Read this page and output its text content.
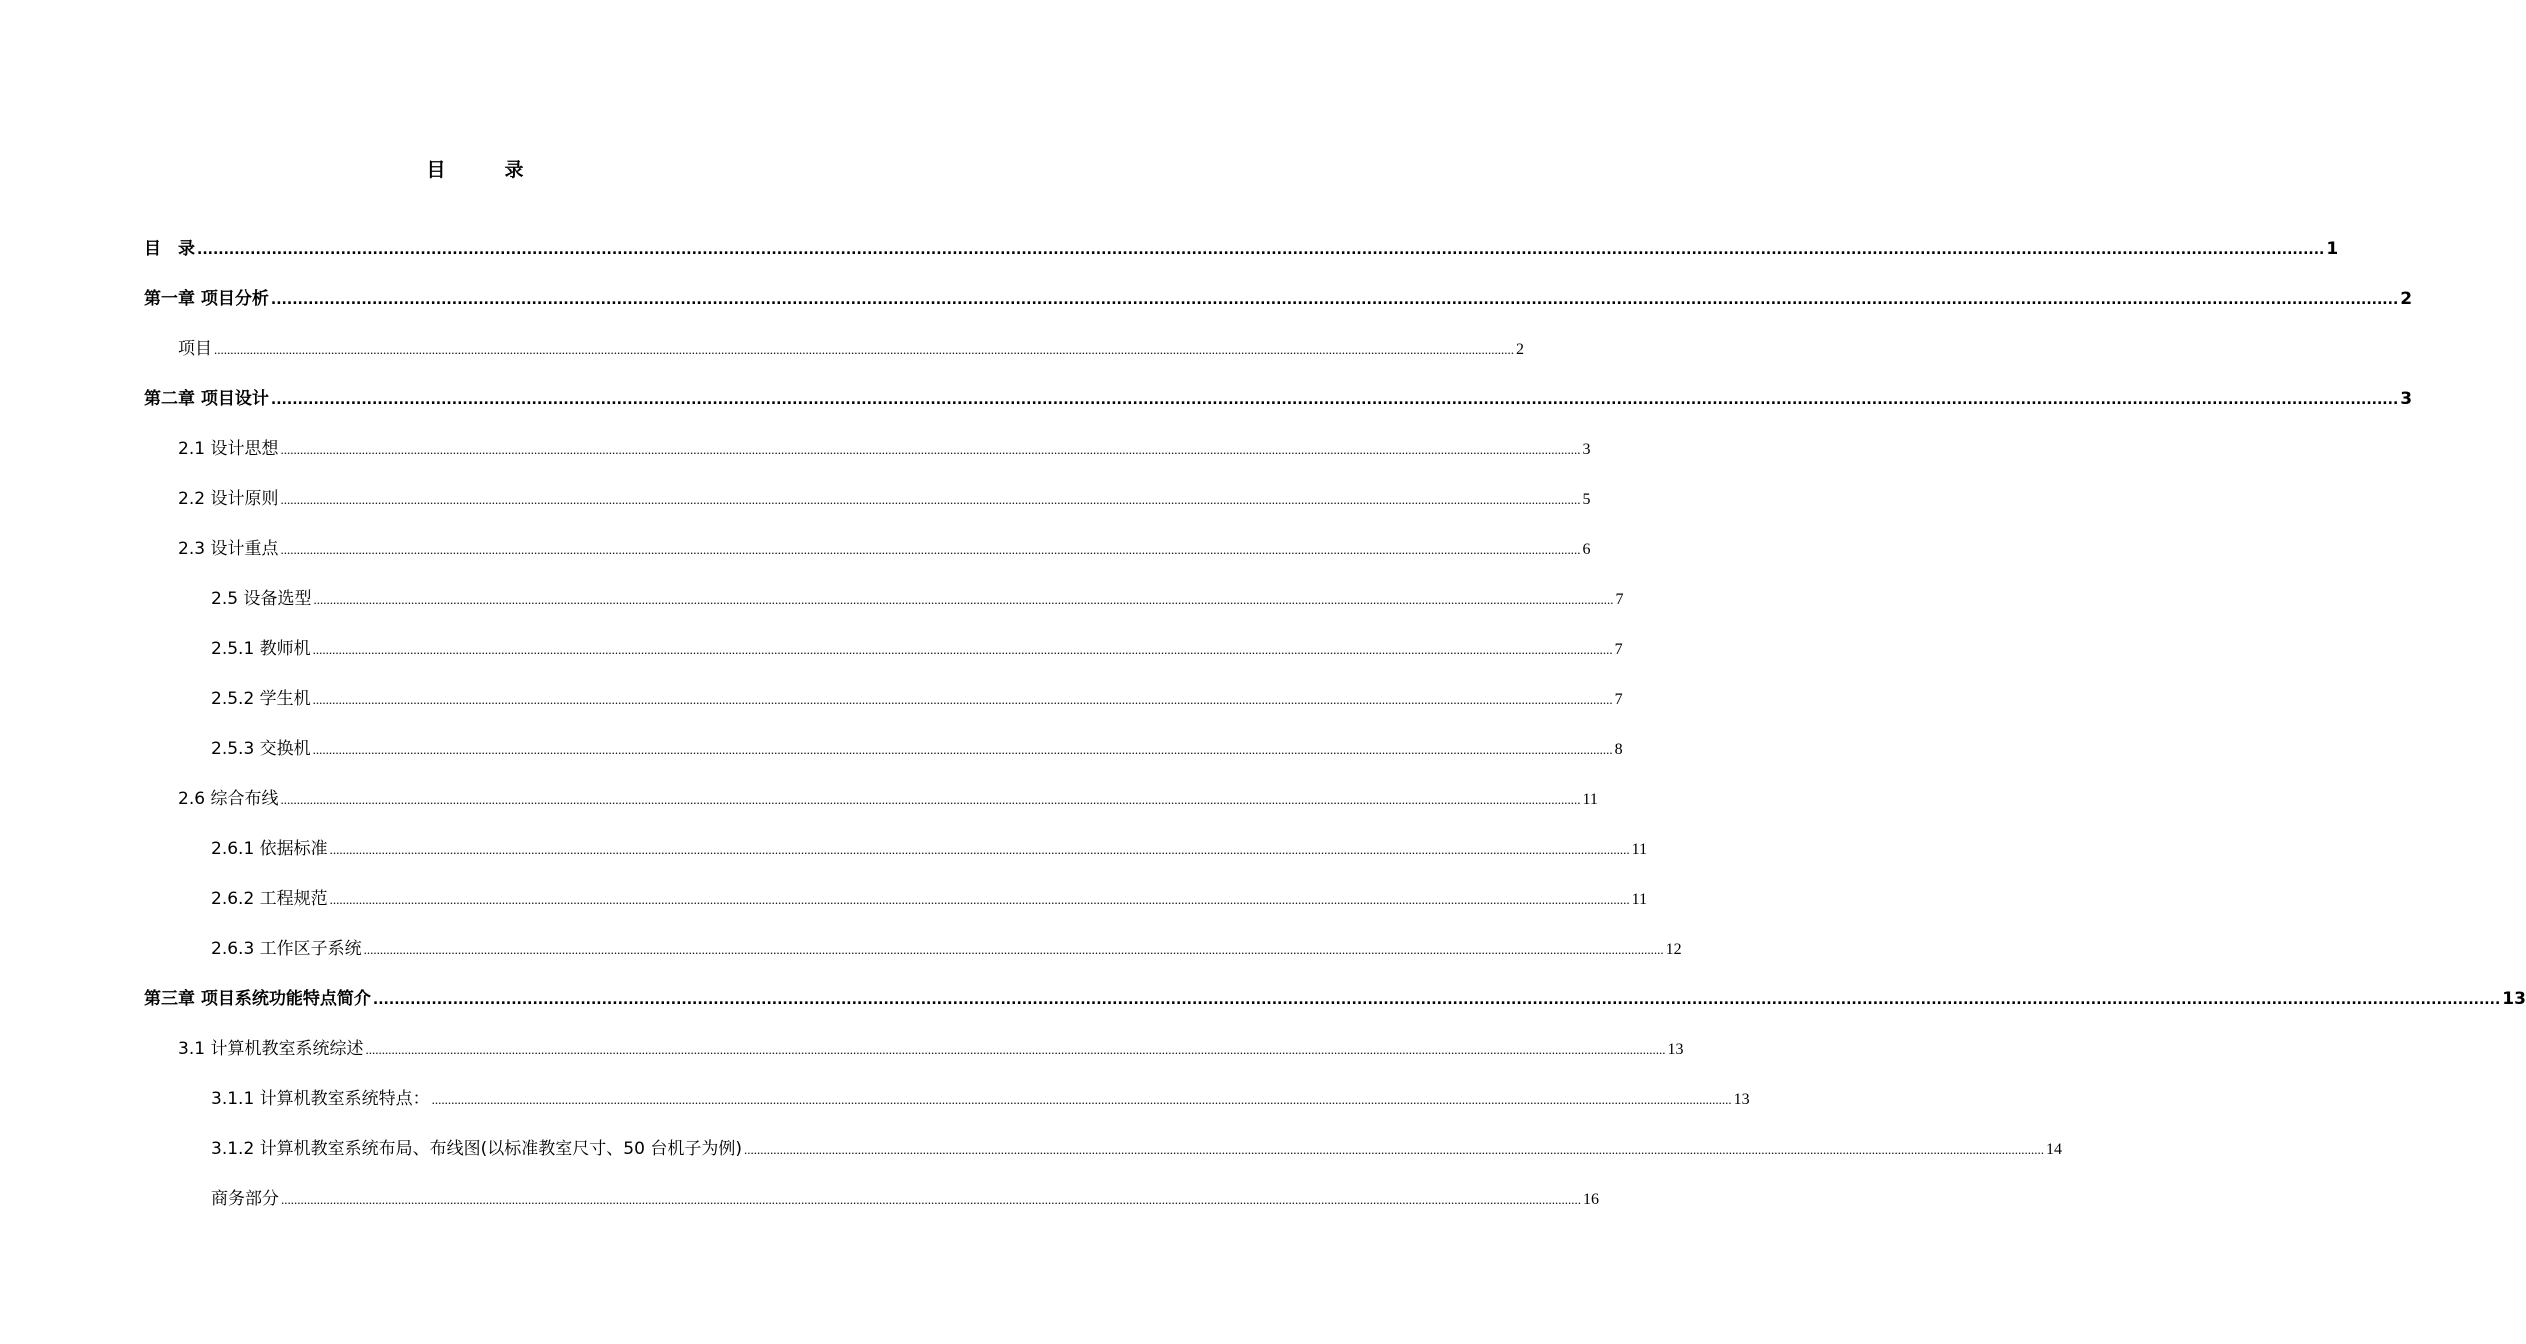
目　录
目　录 ................................................................................................................................................................................................................................................................................................................................................................................................................ 1
第一章 项目分析 ................................................................................................................................................................................................................................................................................................................................................................................................................ 2
项目 ................................................................................................................................................................................................................................................................................................................................................................................................................ 2
第二章 项目设计 ................................................................................................................................................................................................................................................................................................................................................................................................................ 3
2.1 设计思想 ................................................................................................................................................................................................................................................................................................................................................................................................................ 3
2.2 设计原则 ................................................................................................................................................................................................................................................................................................................................................................................................................ 5
2.3 设计重点 ................................................................................................................................................................................................................................................................................................................................................................................................................ 6
2.5 设备选型 ................................................................................................................................................................................................................................................................................................................................................................................................................ 7
2.5.1 教师机 ................................................................................................................................................................................................................................................................................................................................................................................................................ 7
2.5.2 学生机 ................................................................................................................................................................................................................................................................................................................................................................................................................ 7
2.5.3 交换机 ................................................................................................................................................................................................................................................................................................................................................................................................................ 8
2.6 综合布线 ................................................................................................................................................................................................................................................................................................................................................................................................................ 11
2.6.1 依据标准 ................................................................................................................................................................................................................................................................................................................................................................................................................ 11
2.6.2 工程规范 ................................................................................................................................................................................................................................................................................................................................................................................................................ 11
2.6.3 工作区子系统 ................................................................................................................................................................................................................................................................................................................................................................................................................ 12
第三章 项目系统功能特点简介 ................................................................................................................................................................................................................................................................................................................................................................................................................ 13
3.1 计算机教室系统综述 ................................................................................................................................................................................................................................................................................................................................................................................................................ 13
3.1.1 计算机教室系统特点： ................................................................................................................................................................................................................................................................................................................................................................................................................ 13
3.1.2 计算机教室系统布局、布线图(以标准教室尺寸、50 台机子为例) ................................................................................................................................................................................................................................................................................................................................................................................................................ 14
商务部分 ................................................................................................................................................................................................................................................................................................................................................................................................................ 16
